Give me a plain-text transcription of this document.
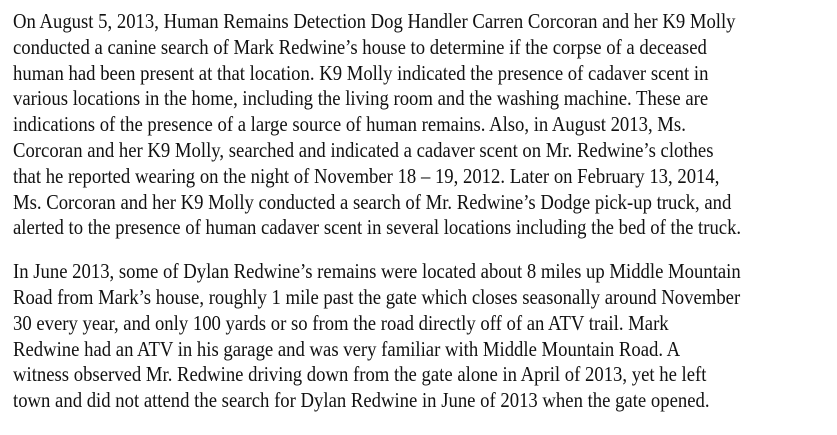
On August 5, 2013, Human Remains Detection Dog Handler Carren Corcoran and her K9 Molly
conducted a canine search of Mark Redwine’s house to determine if the corpse of a deceased
human had been present at that location. K9 Molly indicated the presence of cadaver scent in
various locations in the home, including the living room and the washing machine. These are
indications of the presence of a large source of human remains. Also, in August 2013, Ms.
Corcoran and her K9 Molly, searched and indicated a cadaver scent on Mr. Redwine’s clothes
that he reported wearing on the night of November 18 – 19, 2012. Later on February 13, 2014,
Ms. Corcoran and her K9 Molly conducted a search of Mr. Redwine’s Dodge pick-up truck, and
alerted to the presence of human cadaver scent in several locations including the bed of the truck.

In June 2013, some of Dylan Redwine’s remains were located about 8 miles up Middle Mountain
Road from Mark’s house, roughly 1 mile past the gate which closes seasonally around November
30 every year, and only 100 yards or so from the road directly off of an ATV trail. Mark
Redwine had an ATV in his garage and was very familiar with Middle Mountain Road. A
witness observed Mr. Redwine driving down from the gate alone in April of 2013, yet he left
town and did not attend the search for Dylan Redwine in June of 2013 when the gate opened.
